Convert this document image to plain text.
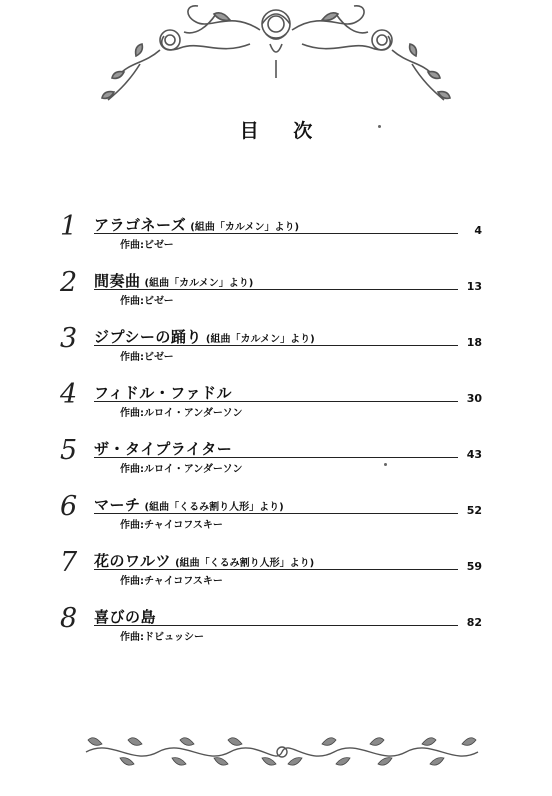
目 次
1	アラゴネーズ (組曲「カルメン」より)	4
作曲:ビゼー
2	間奏曲 (組曲「カルメン」より)	13
作曲:ビゼー
3	ジプシーの踊り (組曲「カルメン」より)	18
作曲:ビゼー
4	フィドル・ファドル	30
作曲:ルロイ・アンダーソン
5	ザ・タイプライター	43
作曲:ルロイ・アンダーソン
6	マーチ (組曲「くるみ割り人形」より)	52
作曲:チャイコフスキー
7	花のワルツ (組曲「くるみ割り人形」より)	59
作曲:チャイコフスキー
8	喜びの島	82
作曲:ドビュッシー
